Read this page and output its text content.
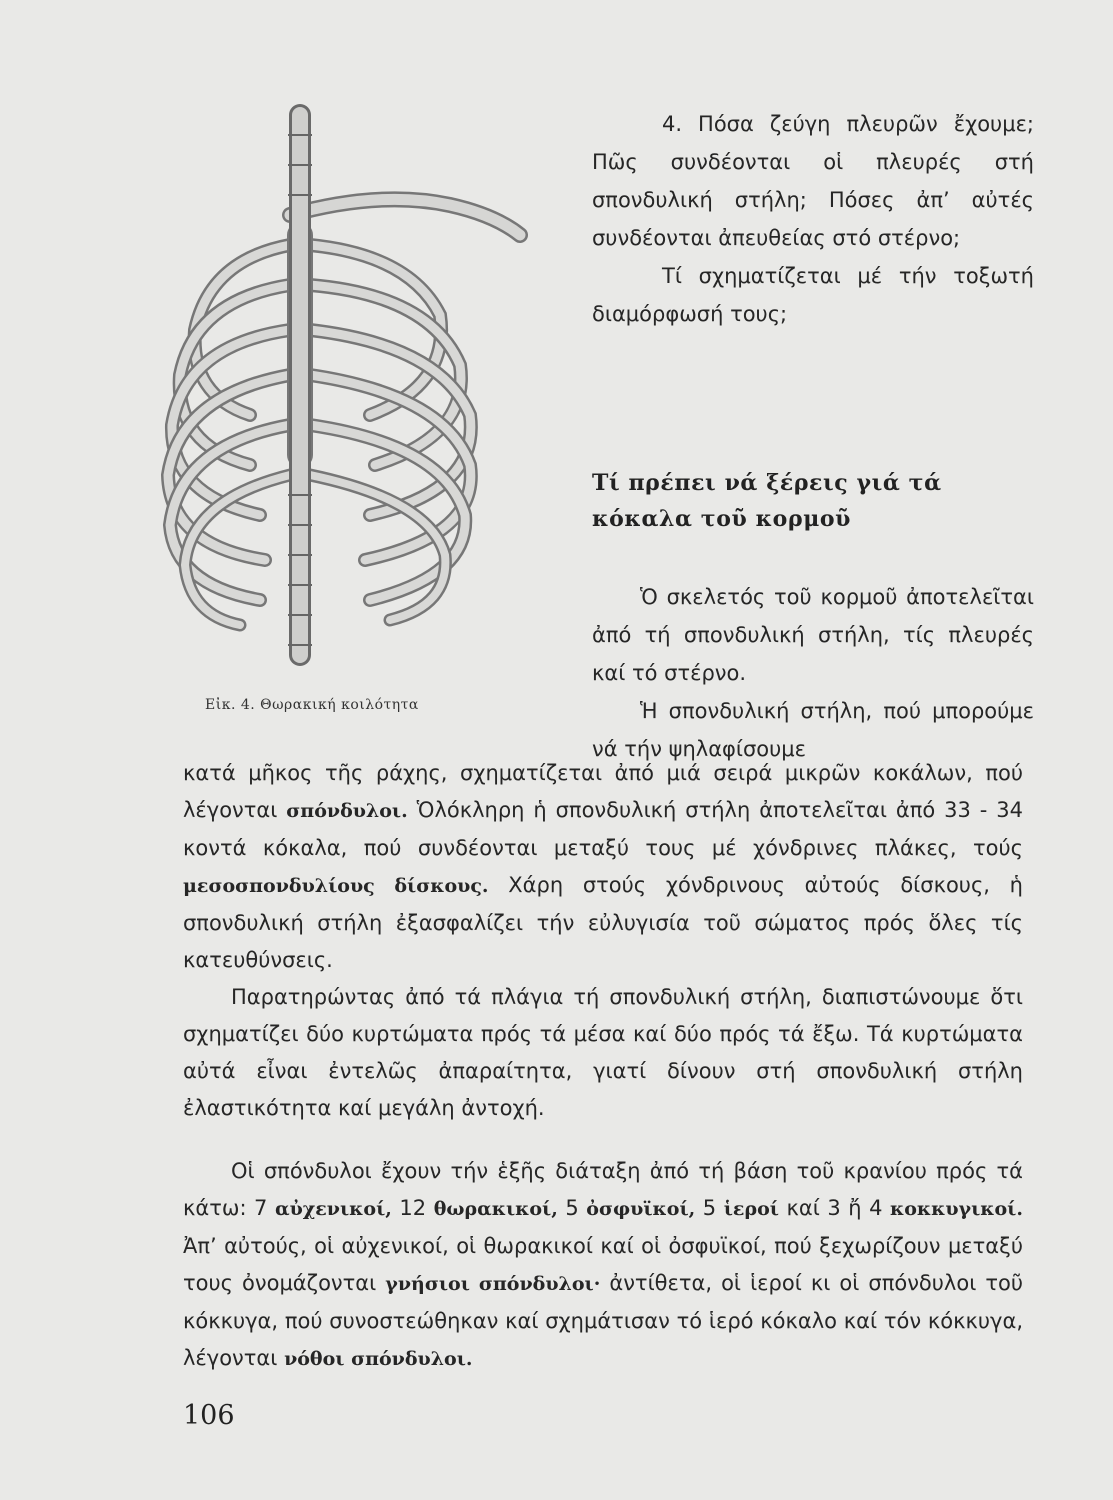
Εἰκ. 4. Θωρακική κοιλότητα

4. Πόσα ζεύγη πλευρῶν ἔχουμε; Πῶς συνδέονται οἱ πλευρές στή σπονδυλική στήλη; Πόσες ἀπ’ αὐτές συνδέονται ἀπευθείας στό στέρνο;

Τί σχηματίζεται μέ τήν τοξωτή διαμόρφωσή τους;

Τί πρέπει νά ξέρεις γιά τά κόκαλα τοῦ κορμοῦ

Ὁ σκελετός τοῦ κορμοῦ ἀποτελεῖται ἀπό τή σπονδυλική στήλη, τίς πλευρές καί τό στέρνο.

Ἡ σπονδυλική στήλη, πού μπορούμε νά τήν ψηλαφίσουμε

κατά μῆκος τῆς ράχης, σχηματίζεται ἀπό μιά σειρά μικρῶν κοκάλων, πού λέγονται σπόνδυλοι. Ὁλόκληρη ἡ σπονδυλική στήλη ἀποτελεῖται ἀπό 33 - 34 κοντά κόκαλα, πού συνδέονται μεταξύ τους μέ χόνδρινες πλάκες, τούς μεσοσπονδυλίους δίσκους. Χάρη στούς χόνδρινους αὐτούς δίσκους, ἡ σπονδυλική στήλη ἐξασφαλίζει τήν εὐλυγισία τοῦ σώματος πρός ὅλες τίς κατευθύνσεις.

Παρατηρώντας ἀπό τά πλάγια τή σπονδυλική στήλη, διαπιστώνουμε ὅτι σχηματίζει δύο κυρτώματα πρός τά μέσα καί δύο πρός τά ἔξω. Τά κυρτώματα αὐτά εἶναι ἐντελῶς ἀπαραίτητα, γιατί δίνουν στή σπονδυλική στήλη ἐλαστικότητα καί μεγάλη ἀντοχή.

Οἱ σπόνδυλοι ἔχουν τήν ἑξῆς διάταξη ἀπό τή βάση τοῦ κρανίου πρός τά κάτω: 7 αὐχενικοί, 12 θωρακικοί, 5 ὀσφυϊκοί, 5 ἱεροί καί 3 ἤ 4 κοκκυγικοί. Ἀπ’ αὐτούς, οἱ αὐχενικοί, οἱ θωρακικοί καί οἱ ὀσφυϊκοί, πού ξεχωρίζουν μεταξύ τους ὀνομάζονται γνήσιοι σπόνδυλοι· ἀντίθετα, οἱ ἱεροί κι οἱ σπόνδυλοι τοῦ κόκκυγα, πού συνοστεώθηκαν καί σχημάτισαν τό ἱερό κόκαλο καί τόν κόκκυγα, λέγονται νόθοι σπόνδυλοι.

106
